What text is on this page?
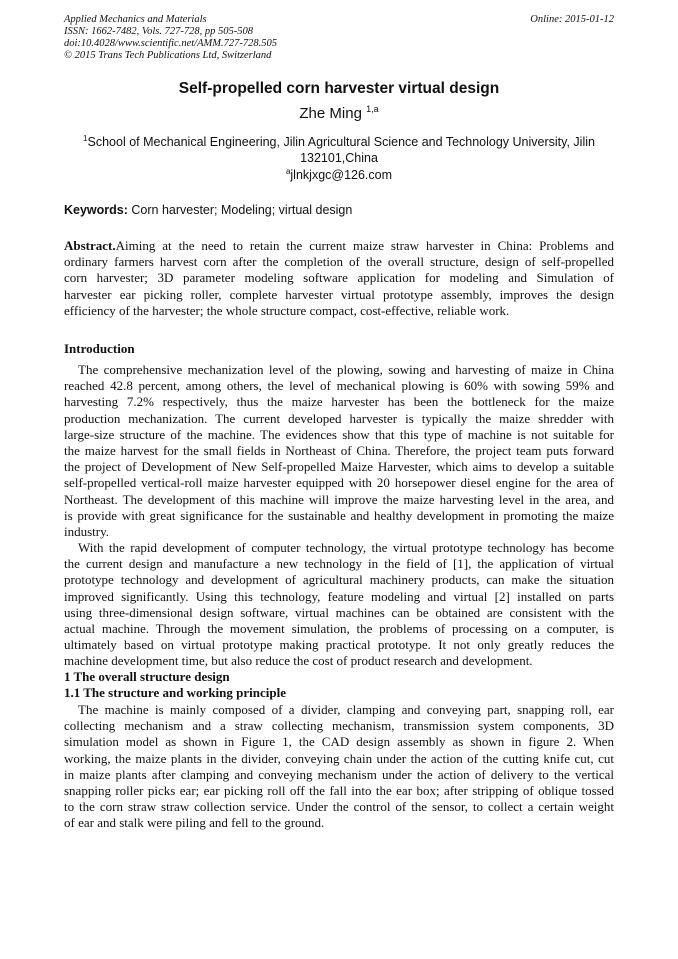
Applied Mechanics and Materials
ISSN: 1662-7482, Vols. 727-728, pp 505-508
doi:10.4028/www.scientific.net/AMM.727-728.505
© 2015 Trans Tech Publications Ltd, Switzerland
Online: 2015-01-12
Self-propelled corn harvester virtual design
Zhe Ming $^{1,a}$
$^1$School of Mechanical Engineering, Jilin Agricultural Science and Technology University, Jilin
132101,China
$^a$jlnkjxgc@126.com
Keywords: Corn harvester; Modeling; virtual design
Abstract.Aiming at the need to retain the current maize straw harvester in China: Problems and
ordinary farmers harvest corn after the completion of the overall structure, design of self-propelled
corn harvester; 3D parameter modeling software application for modeling and Simulation of
harvester ear picking roller, complete harvester virtual prototype assembly, improves the design
efficiency of the harvester; the whole structure compact, cost-effective, reliable work.
Introduction
The comprehensive mechanization level of the plowing, sowing and harvesting of maize in China
reached 42.8 percent, among others, the level of mechanical plowing is 60% with sowing 59% and
harvesting 7.2% respectively, thus the maize harvester has been the bottleneck for the maize
production mechanization. The current developed harvester is typically the maize shredder with
large-size structure of the machine. The evidences show that this type of machine is not suitable for
the maize harvest for the small fields in Northeast of China. Therefore, the project team puts forward
the project of Development of New Self-propelled Maize Harvester, which aims to develop a suitable
self-propelled vertical-roll maize harvester equipped with 20 horsepower diesel engine for the area of
Northeast. The development of this machine will improve the maize harvesting level in the area, and
is provide with great significance for the sustainable and healthy development in promoting the maize
industry.
With the rapid development of computer technology, the virtual prototype technology has become
the current design and manufacture a new technology in the field of [1], the application of virtual
prototype technology and development of agricultural machinery products, can make the situation
improved significantly. Using this technology, feature modeling and virtual [2] installed on parts
using three-dimensional design software, virtual machines can be obtained are consistent with the
actual machine. Through the movement simulation, the problems of processing on a computer, is
ultimately based on virtual prototype making practical prototype. It not only greatly reduces the
machine development time, but also reduce the cost of product research and development.
1 The overall structure design
1.1 The structure and working principle
The machine is mainly composed of a divider, clamping and conveying part, snapping roll, ear
collecting mechanism and a straw collecting mechanism, transmission system components, 3D
simulation model as shown in Figure 1, the CAD design assembly as shown in figure 2. When
working, the maize plants in the divider, conveying chain under the action of the cutting knife cut, cut
in maize plants after clamping and conveying mechanism under the action of delivery to the vertical
snapping roller picks ear; ear picking roll off the fall into the ear box; after stripping of oblique tossed
to the corn straw straw collection service. Under the control of the sensor, to collect a certain weight
of ear and stalk were piling and fell to the ground.
